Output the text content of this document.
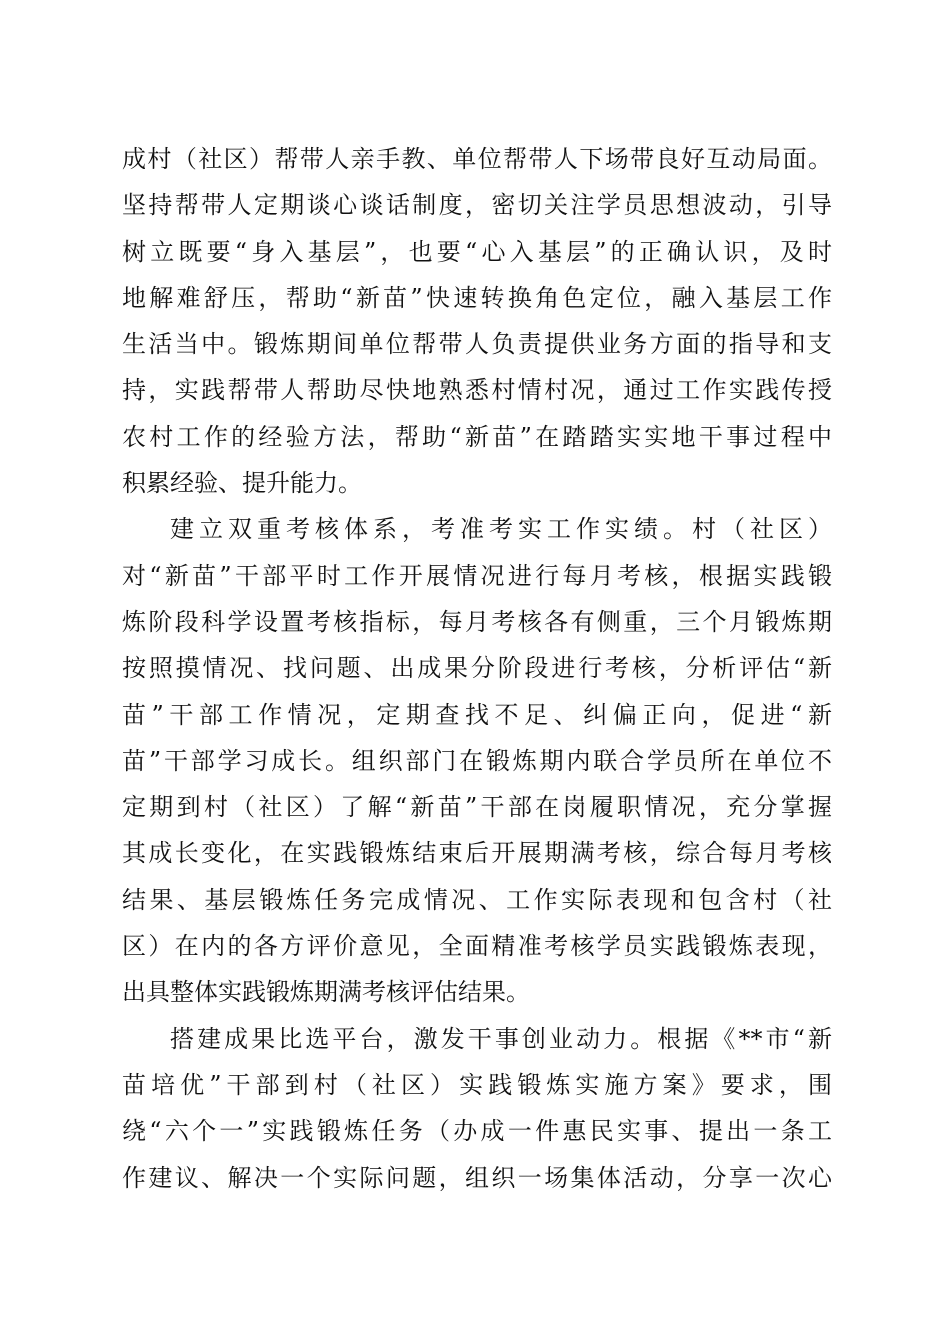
成村（社区）帮带人亲手教、单位帮带人下场带良好互动局面。
坚持帮带人定期谈心谈话制度，密切关注学员思想波动，引导
树立既要“身入基层”，也要“心入基层”的正确认识，及时
地解难舒压，帮助“新苗”快速转换角色定位，融入基层工作
生活当中。锻炼期间单位帮带人负责提供业务方面的指导和支
持，实践帮带人帮助尽快地熟悉村情村况，通过工作实践传授
农村工作的经验方法，帮助“新苗”在踏踏实实地干事过程中
积累经验、提升能力。
建立双重考核体系，考准考实工作实绩。村（社区）
对“新苗”干部平时工作开展情况进行每月考核，根据实践锻
炼阶段科学设置考核指标，每月考核各有侧重，三个月锻炼期
按照摸情况、找问题、出成果分阶段进行考核，分析评估“新
苗”干部工作情况，定期查找不足、纠偏正向，促进“新
苗”干部学习成长。组织部门在锻炼期内联合学员所在单位不
定期到村（社区）了解“新苗”干部在岗履职情况，充分掌握
其成长变化，在实践锻炼结束后开展期满考核，综合每月考核
结果、基层锻炼任务完成情况、工作实际表现和包含村（社
区）在内的各方评价意见，全面精准考核学员实践锻炼表现，
出具整体实践锻炼期满考核评估结果。
搭建成果比选平台，激发干事创业动力。根据《**市“新
苗培优”干部到村（社区）实践锻炼实施方案》要求，围
绕“六个一”实践锻炼任务（办成一件惠民实事、提出一条工
作建议、解决一个实际问题，组织一场集体活动，分享一次心
